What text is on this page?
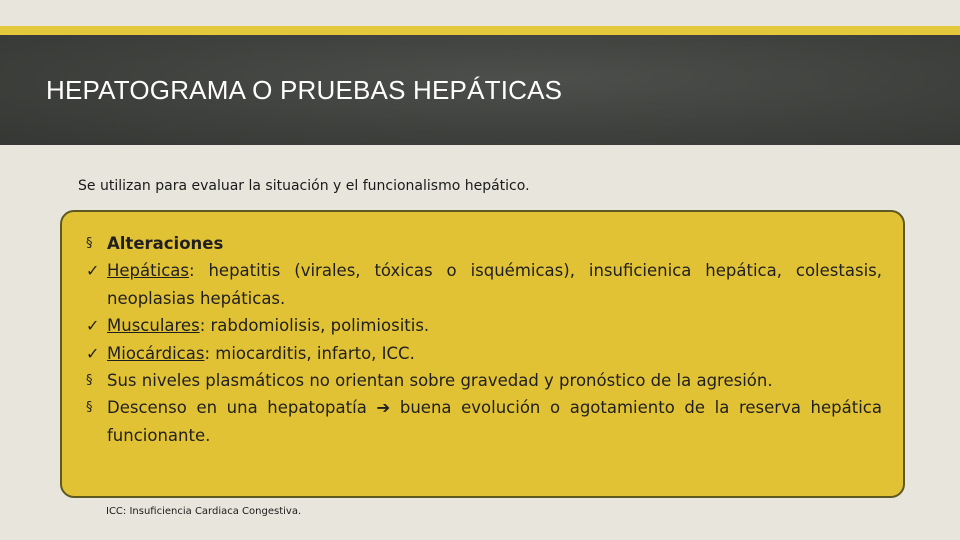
HEPATOGRAMA O PRUEBAS HEPÁTICAS
Se utilizan para evaluar la situación y el funcionalismo hepático.
§ Alteraciones
✓ Hepáticas: hepatitis (virales, tóxicas o isquémicas), insuficienica hepática, colestasis, neoplasias hepáticas.
✓ Musculares: rabdomiolisis, polimiositis.
✓ Miocárdicas: miocarditis, infarto, ICC.
§ Sus niveles plasmáticos no orientan sobre gravedad y pronóstico de la agresión.
§ Descenso en una hepatopatía ➔ buena evolución o agotamiento de la reserva hepática funcionante.
ICC: Insuficiencia Cardiaca Congestiva.
